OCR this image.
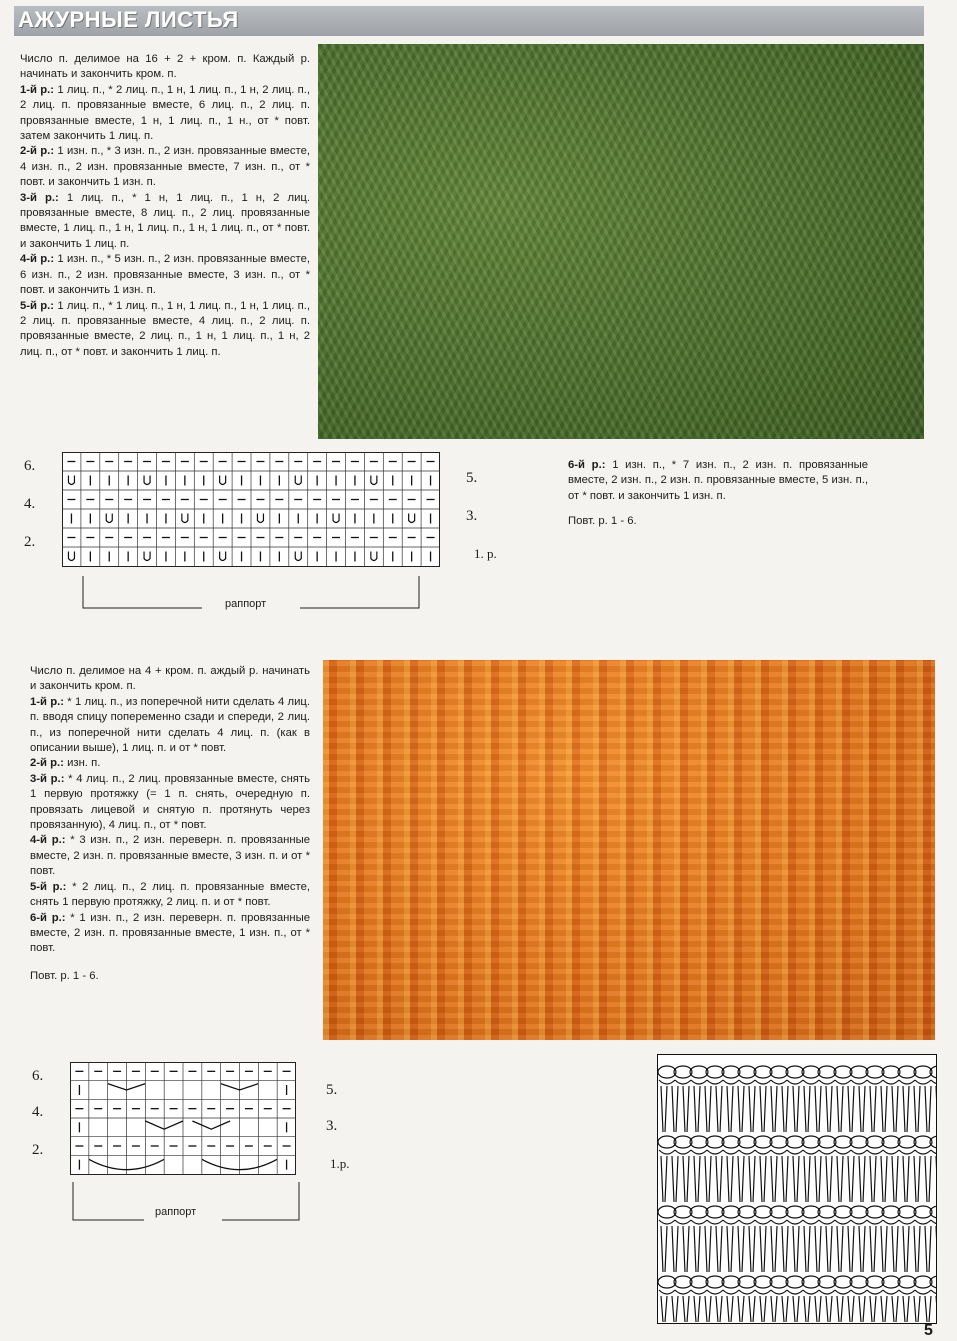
АЖУРНЫЕ ЛИСТЬЯ

Число п. делимое на 16 + 2 + кром. п. Каждый р. начинать и закончить кром. п.

1-й р.: 1 лиц. п., * 2 лиц. п., 1 н, 1 лиц. п., 1 н, 2 лиц. п., 2 лиц. п. провязанные вместе, 6 лиц. п., 2 лиц. п. провязанные вместе, 1 н, 1 лиц. п., 1 н., от * повт. затем закончить 1 лиц. п.

2-й р.: 1 изн. п., * 3 изн. п., 2 изн. провязанные вместе, 4 изн. п., 2 изн. провязанные вместе, 7 изн. п., от * повт. и закончить 1 изн. п.

3-й р.: 1 лиц. п., * 1 н, 1 лиц. п., 1 н, 2 лиц. провязанные вместе, 8 лиц. п., 2 лиц. провязанные вместе, 1 лиц. п., 1 н, 1 лиц. п., 1 н, 1 лиц. п., от * повт. и закончить 1 лиц. п.

4-й р.: 1 изн. п., * 5 изн. п., 2 изн. провязанные вместе, 6 изн. п., 2 изн. провязанные вместе, 3 изн. п., от * повт. и закончить 1 изн. п.

5-й р.: 1 лиц. п., * 1 лиц. п., 1 н, 1 лиц. п., 1 н, 1 лиц. п., 2 лиц. п. провязанные вместе, 4 лиц. п., 2 лиц. п. провязанные вместе, 2 лиц. п., 1 н, 1 лиц. п., 1 н, 2 лиц. п., от * повт. и закончить 1 лиц. п.

6.
4.
2.
5.
3.
1. р.
раппорт

6-й р.: 1 изн. п., * 7 изн. п., 2 изн. п. провязанные вместе, 2 изн. п., 2 изн. п. провязанные вместе, 5 изн. п., от * повт. и закончить 1 изн. п.

Повт. р. 1 - 6.

Число п. делимое на 4 + кром. п. аждый р. начинать и закончить кром. п.

1-й р.: * 1 лиц. п., из поперечной нити сделать 4 лиц. п. вводя спицу попеременно сзади и спереди, 2 лиц. п., из поперечной нити сделать 4 лиц. п. (как в описании выше), 1 лиц. п. и от * повт.

2-й р.: изн. п.

3-й р.: * 4 лиц. п., 2 лиц. провязанные вместе, снять 1 первую протяжку (= 1 п. снять, очередную п. провязать лицевой и снятую п. протянуть через провязанную), 4 лиц. п., от * повт.

4-й р.: * 3 изн. п., 2 изн. переверн. п. провязанные вместе, 2 изн. п. провязанные вместе, 3 изн. п. и от * повт.

5-й р.: * 2 лиц. п., 2 лиц. п. провязанные вместе, снять 1 первую протяжку, 2 лиц. п. и от * повт.

6-й р.: * 1 изн. п., 2 изн. переверн. п. провязанные вместе, 2 изн. п. провязанные вместе, 1 изн. п., от * повт.

Повт. р. 1 - 6.

6.
4.
2.
5.
3.
1.р.
раппорт
5
